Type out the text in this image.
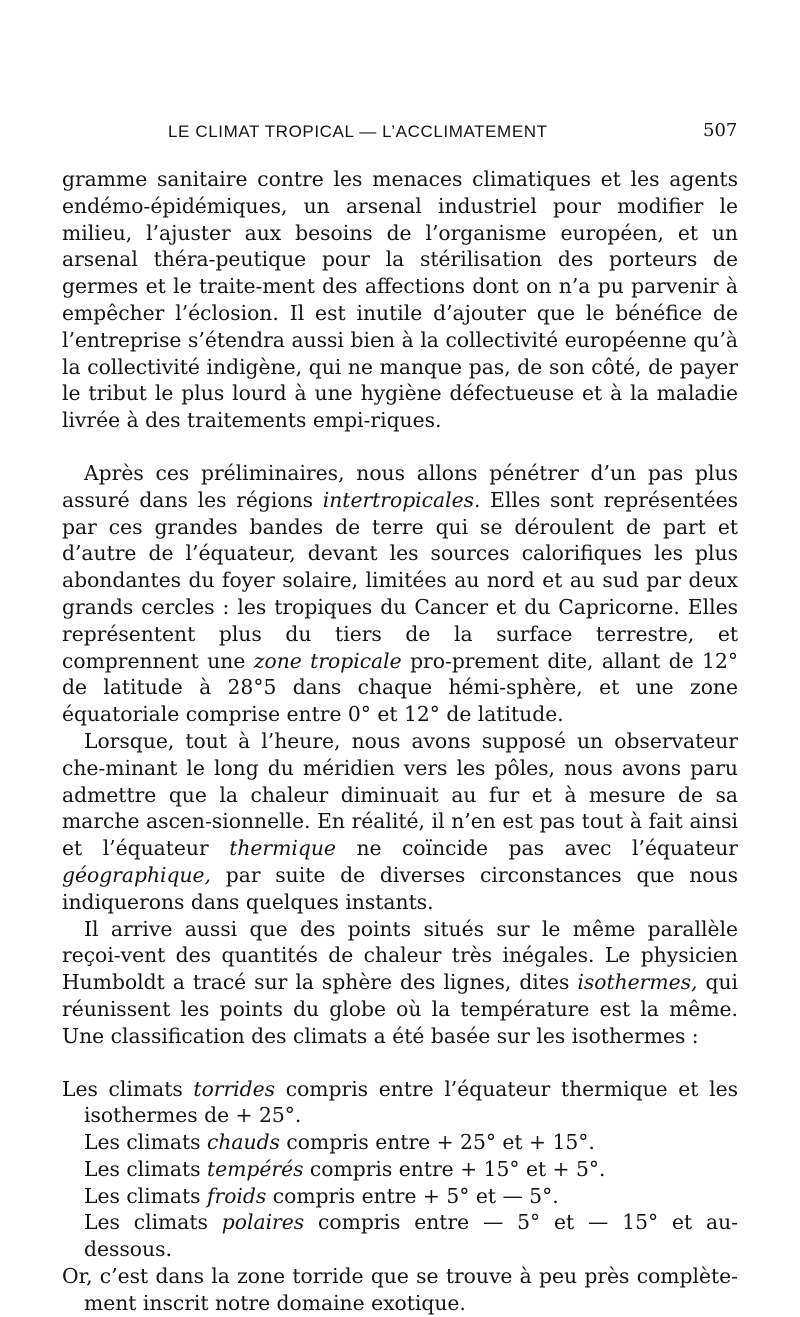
LE CLIMAT TROPICAL — L’ACCLIMATEMENT	507

gramme sanitaire contre les menaces climatiques et les agents endémo-épidémiques, un arsenal industriel pour modifier le milieu, l’ajuster aux besoins de l’organisme européen, et un arsenal théra-peutique pour la stérilisation des porteurs de germes et le traite-ment des affections dont on n’a pu parvenir à empêcher l’éclosion. Il est inutile d’ajouter que le bénéfice de l’entreprise s’étendra aussi bien à la collectivité européenne qu’à la collectivité indigène, qui ne manque pas, de son côté, de payer le tribut le plus lourd à une hygiène défectueuse et à la maladie livrée à des traitements empi-riques.

Après ces préliminaires, nous allons pénétrer d’un pas plus assuré dans les régions intertropicales. Elles sont représentées par ces grandes bandes de terre qui se déroulent de part et d’autre de l’équateur, devant les sources calorifiques les plus abondantes du foyer solaire, limitées au nord et au sud par deux grands cercles : les tropiques du Cancer et du Capricorne. Elles représentent plus du tiers de la surface terrestre, et comprennent une zone tropicale pro-prement dite, allant de 12° de latitude à 28°5 dans chaque hémi-sphère, et une zone équatoriale comprise entre 0° et 12° de latitude.

Lorsque, tout à l’heure, nous avons supposé un observateur che-minant le long du méridien vers les pôles, nous avons paru admettre que la chaleur diminuait au fur et à mesure de sa marche ascen-sionnelle. En réalité, il n’en est pas tout à fait ainsi et l’équateur thermique ne coïncide pas avec l’équateur géographique, par suite de diverses circonstances que nous indiquerons dans quelques instants.

Il arrive aussi que des points situés sur le même parallèle reçoi-vent des quantités de chaleur très inégales. Le physicien Humboldt a tracé sur la sphère des lignes, dites isothermes, qui réunissent les points du globe où la température est la même. Une classification des climats a été basée sur les isothermes :

Les climats torrides compris entre l’équateur thermique et les isothermes de + 25°.

Les climats chauds compris entre + 25° et + 15°.

Les climats tempérés compris entre + 15° et + 5°.

Les climats froids compris entre + 5° et — 5°.

Les climats polaires compris entre — 5° et — 15° et au-dessous.

Or, c’est dans la zone torride que se trouve à peu près complète-ment inscrit notre domaine exotique.
